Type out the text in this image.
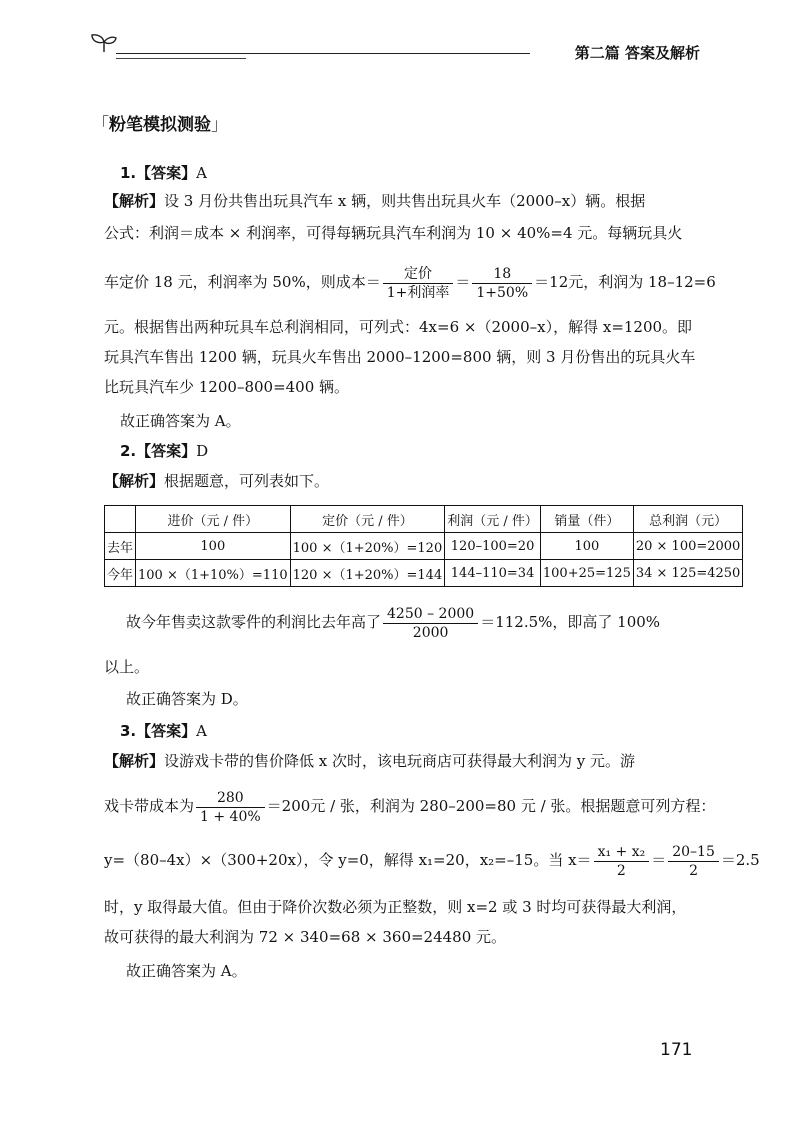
第二篇 答案及解析
「粉笔模拟测验」
1.【答案】A
【解析】设 3 月份共售出玩具汽车 x 辆，则共售出玩具火车（2000–x）辆。根据
公式：利润＝成本 × 利润率，可得每辆玩具汽车利润为 10 × 40%=4 元。每辆玩具火
车定价 18 元，利润率为 50%，则成本＝ $\frac{\text{定价}}{\text{1+利润率}} = \frac{18}{1+50\%} =12$元，利润为 18–12=6
元。根据售出两种玩具车总利润相同，可列式：4x=6 ×（2000–x），解得 x=1200。即
玩具汽车售出 1200 辆，玩具火车售出 2000–1200=800 辆，则 3 月份售出的玩具火车
比玩具汽车少 1200–800=400 辆。
故正确答案为 A。
2.【答案】D
【解析】根据题意，可列表如下。
	进价（元 / 件）	定价（元 / 件）	利润（元 / 件）	销量（件）	总利润（元）
去年	100	100 ×（1+20%）=120	120–100=20	100	20 × 100=2000
今年	100 ×（1+10%）=110	120 ×（1+20%）=144	144–110=34	100+25=125	34 × 125=4250
故今年售卖这款零件的利润比去年高了 $\frac{4250 - 2000}{2000} =112.5\%$，即高了 100%
以上。
故正确答案为 D。
3.【答案】A
【解析】设游戏卡带的售价降低 x 次时，该电玩商店可获得最大利润为 y 元。游
戏卡带成本为 $\frac{280}{1 + 40\%} =200$元 / 张，利润为 280–200=80 元 / 张。根据题意可列方程：
y=（80–4x）×（300+20x），令 y=0，解得 x₁=20，x₂=–15。当 $x= \frac{\text{x₁ + x₂}}{2} = \frac{20-15}{2} =2.5$
时，y 取得最大值。但由于降价次数必须为正整数，则 x=2 或 3 时均可获得最大利润，
故可获得的最大利润为 72 × 340=68 × 360=24480 元。
故正确答案为 A。
171
